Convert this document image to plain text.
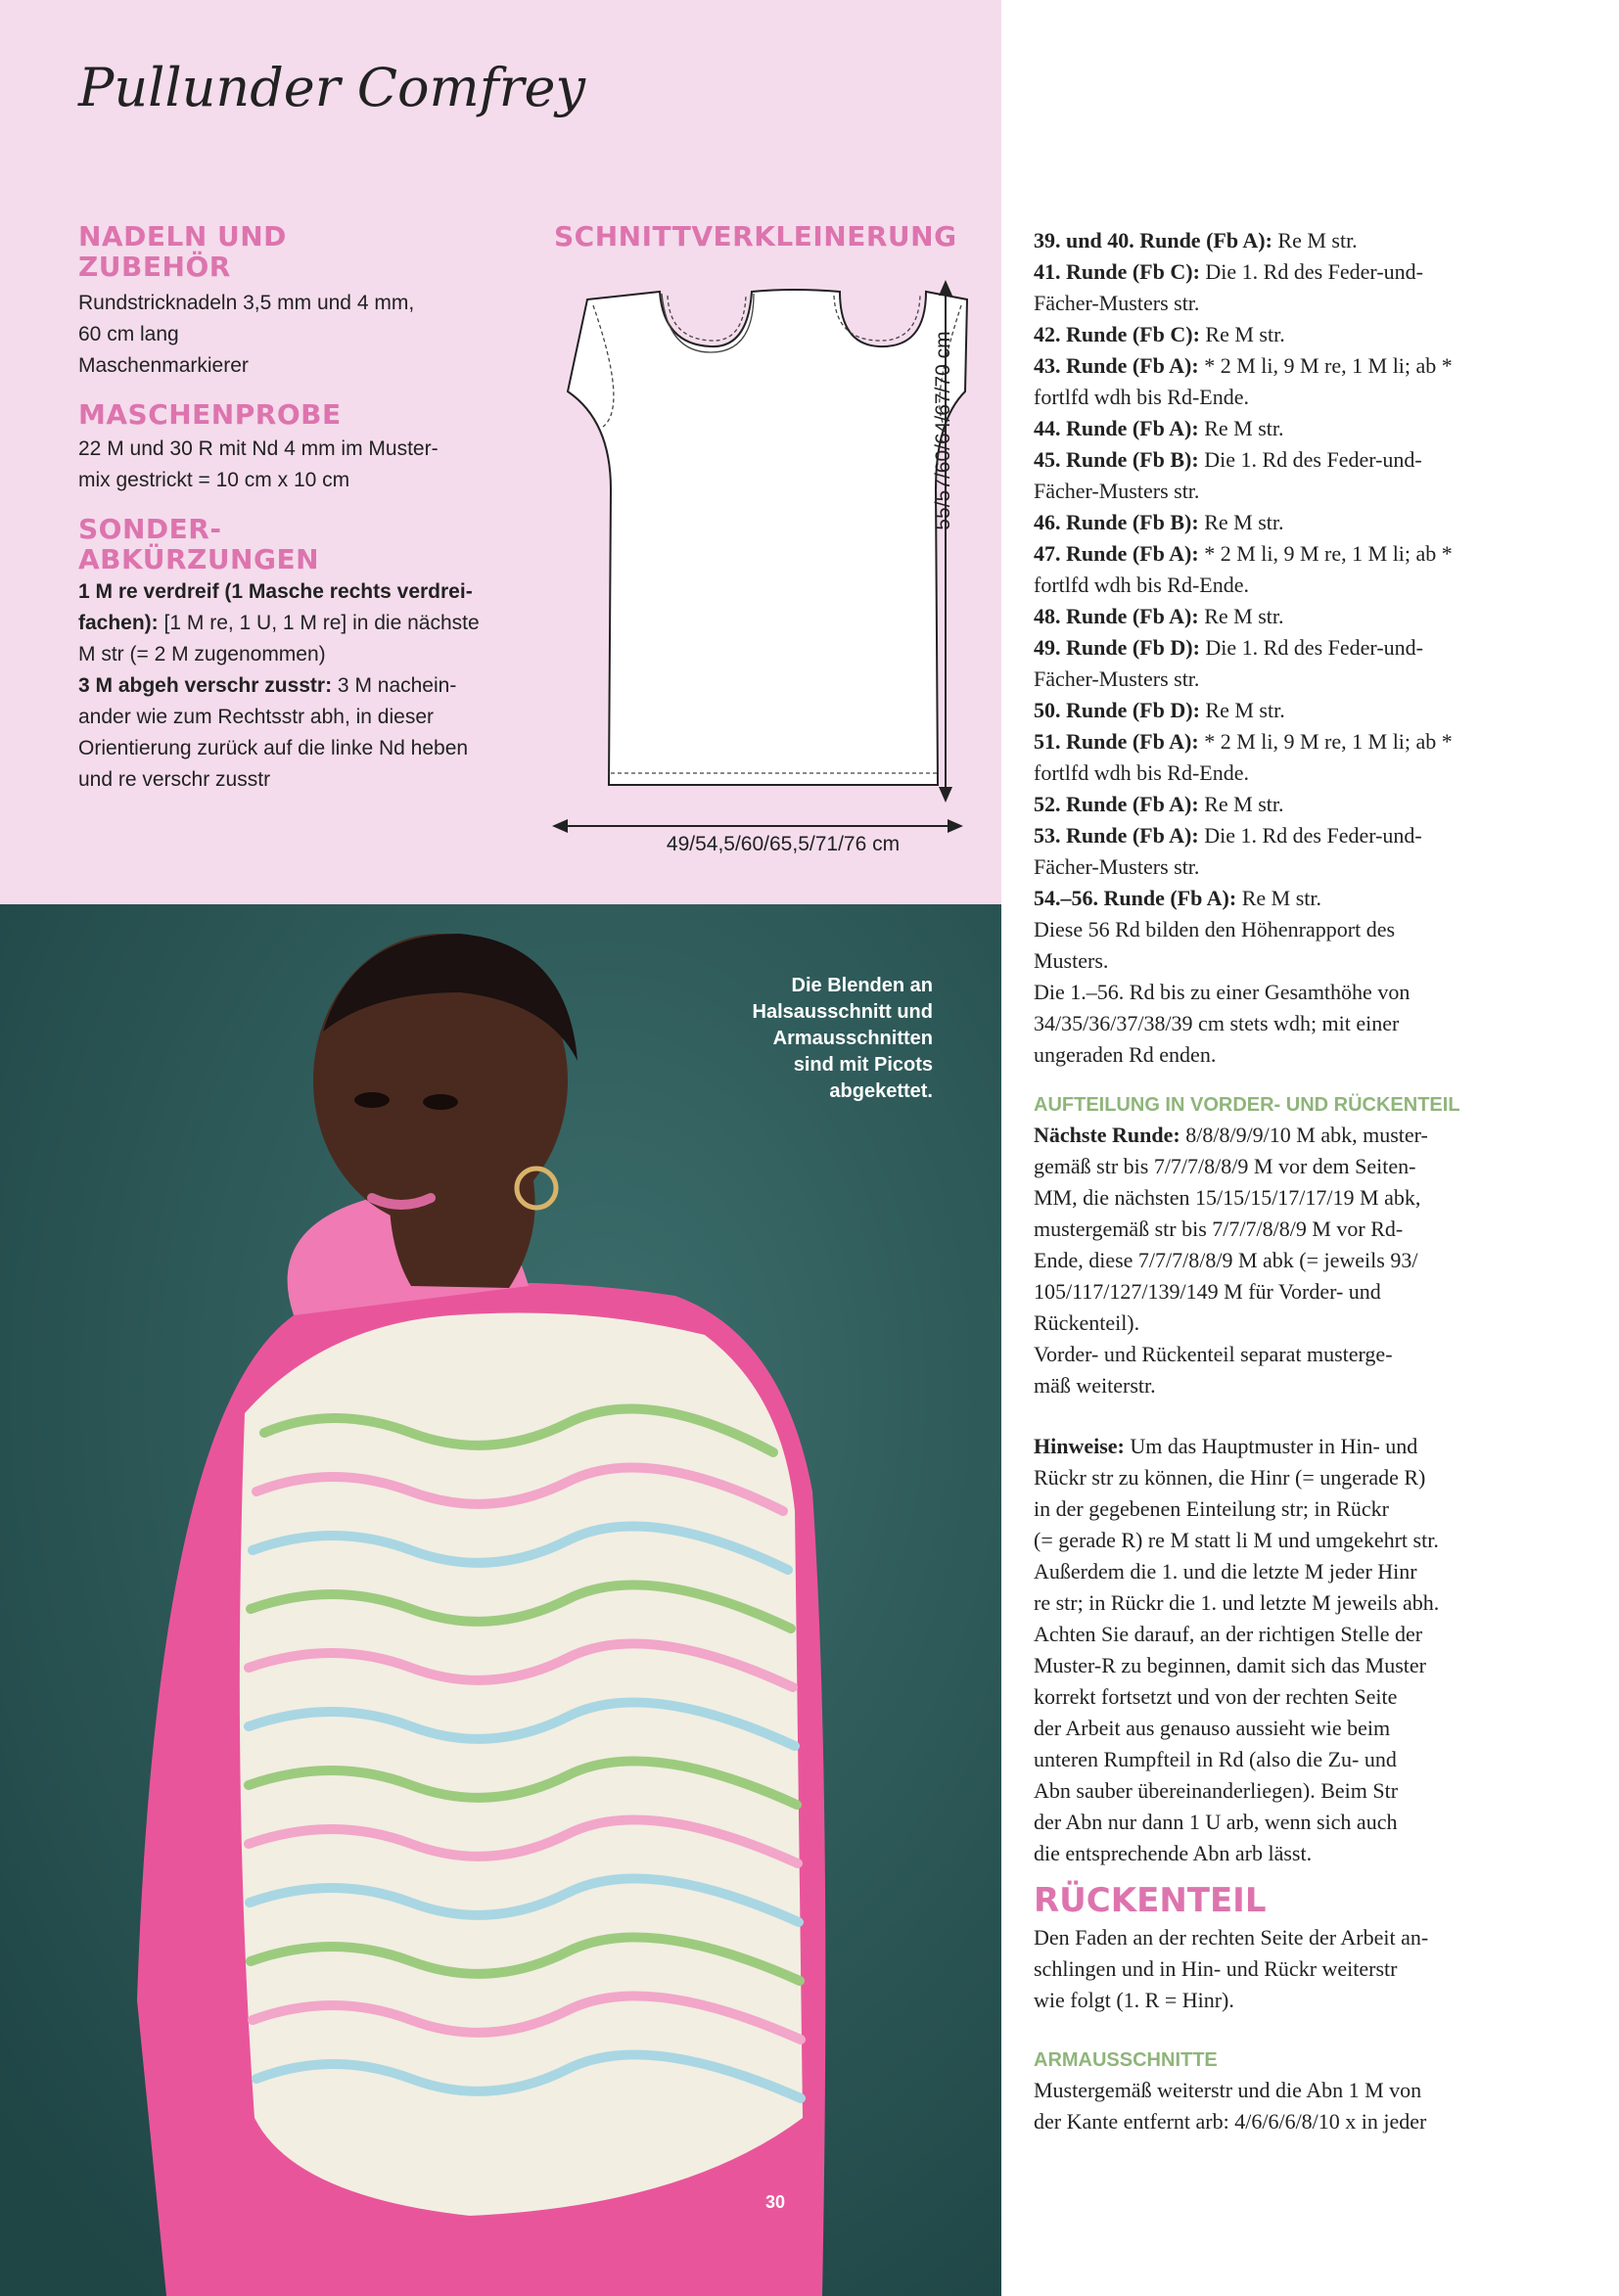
Pullunder Comfrey
NADELN UND
ZUBEHÖR

Rundstricknadeln 3,5 mm und 4 mm,

60 cm lang

Maschenmarkierer

MASCHENPROBE

22 M und 30 R mit Nd 4 mm im Muster-

mix gestrickt = 10 cm x 10 cm

SONDER-
ABKÜRZUNGEN

1 M re verdreif (1 Masche rechts verdrei-

fachen): [1 M re, 1 U, 1 M re] in die nächste

M str (= 2 M zugenommen)

3 M abgeh verschr zusstr: 3 M nachein-

ander wie zum Rechtsstr abh, in dieser

Orientierung zurück auf die linke Nd heben

und re verschr zusstr

SCHNITTVERKLEINERUNG
55/57/60/64/67/70 cm
49/54,5/60/65,5/71/76 cm
Die Blenden an
Halsausschnitt und
Armausschnitten
sind mit Picots
abgekettet.
30

39. und 40. Runde (Fb A): Re M str.

41. Runde (Fb C): Die 1. Rd des Feder-und-

Fächer-Musters str.

42. Runde (Fb C): Re M str.

43. Runde (Fb A): * 2 M li, 9 M re, 1 M li; ab *

fortlfd wdh bis Rd-Ende.

44. Runde (Fb A): Re M str.

45. Runde (Fb B): Die 1. Rd des Feder-und-

Fächer-Musters str.

46. Runde (Fb B): Re M str.

47. Runde (Fb A): * 2 M li, 9 M re, 1 M li; ab *

fortlfd wdh bis Rd-Ende.

48. Runde (Fb A): Re M str.

49. Runde (Fb D): Die 1. Rd des Feder-und-

Fächer-Musters str.

50. Runde (Fb D): Re M str.

51. Runde (Fb A): * 2 M li, 9 M re, 1 M li; ab *

fortlfd wdh bis Rd-Ende.

52. Runde (Fb A): Re M str.

53. Runde (Fb A): Die 1. Rd des Feder-und-

Fächer-Musters str.

54.–56. Runde (Fb A): Re M str.

Diese 56 Rd bilden den Höhenrapport des

Musters.

Die 1.–56. Rd bis zu einer Gesamthöhe von

34/35/36/37/38/39 cm stets wdh; mit einer

ungeraden Rd enden.

AUFTEILUNG IN VORDER- UND RÜCKENTEIL

Nächste Runde: 8/8/8/9/9/10 M abk, muster-

gemäß str bis 7/7/7/8/8/9 M vor dem Seiten-

MM, die nächsten 15/15/15/17/17/19 M abk,

mustergemäß str bis 7/7/7/8/8/9 M vor Rd-

Ende, diese 7/7/7/8/8/9 M abk (= jeweils 93/

105/117/127/139/149 M für Vorder- und

Rückenteil).

Vorder- und Rückenteil separat musterge-

mäß weiterstr.

Hinweise: Um das Hauptmuster in Hin- und

Rückr str zu können, die Hinr (= ungerade R)

in der gegebenen Einteilung str; in Rückr

(= gerade R) re M statt li M und umgekehrt str.

Außerdem die 1. und die letzte M jeder Hinr

re str; in Rückr die 1. und letzte M jeweils abh.

Achten Sie darauf, an der richtigen Stelle der

Muster-R zu beginnen, damit sich das Muster

korrekt fortsetzt und von der rechten Seite

der Arbeit aus genauso aussieht wie beim

unteren Rumpfteil in Rd (also die Zu- und

Abn sauber übereinanderliegen). Beim Str

der Abn nur dann 1 U arb, wenn sich auch

die entsprechende Abn arb lässt.

RÜCKENTEIL

Den Faden an der rechten Seite der Arbeit an-

schlingen und in Hin- und Rückr weiterstr

wie folgt (1. R = Hinr).

ARMAUSSCHNITTE

Mustergemäß weiterstr und die Abn 1 M von

der Kante entfernt arb: 4/6/6/6/8/10 x in jeder
